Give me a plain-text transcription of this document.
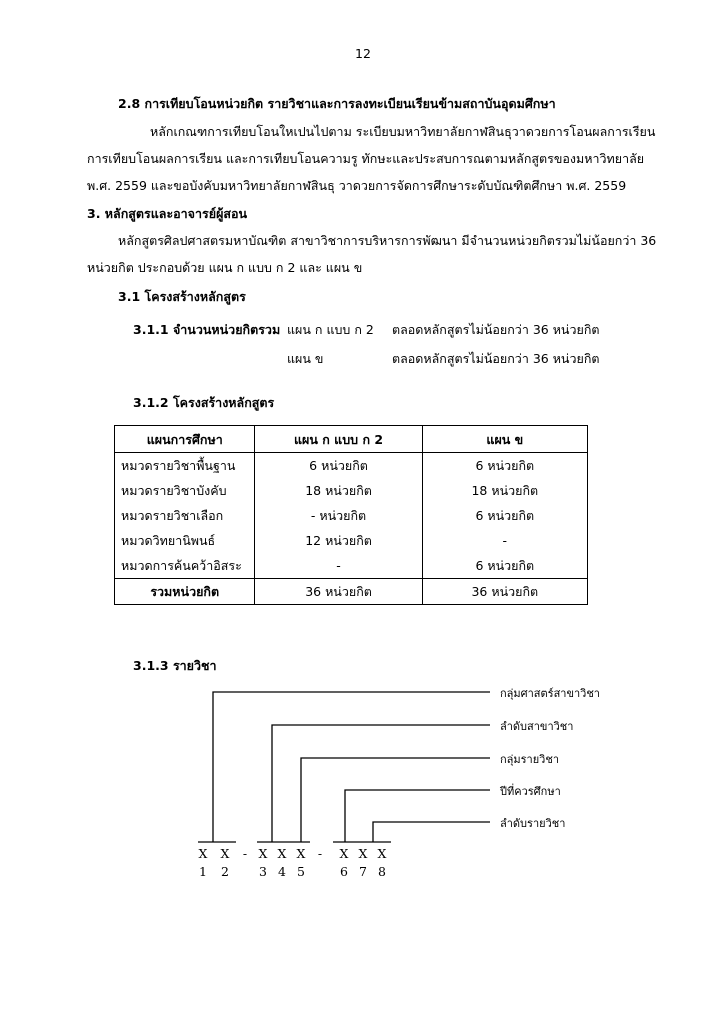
12
2.8 การเทียบโอนหน่วยกิต รายวิชาและการลงทะเบียนเรียนข้ามสถาบันอุดมศึกษา
หลักเกณฑการเทียบโอนใหเปนไปตาม ระเบียบมหาวิทยาลัยกาฬสินธุวาดวยการโอนผลการเรียน
การเทียบโอนผลการเรียน และการเทียบโอนความรู ทักษะและประสบการณตามหลักสูตรของมหาวิทยาลัย
พ.ศ. 2559 และขอบังคับมหาวิทยาลัยกาฬสินธุ วาดวยการจัดการศึกษาระดับบัณฑิตศึกษา พ.ศ. 2559
3. หลักสูตรและอาจารย์ผู้สอน
หลักสูตรศิลปศาสตรมหาบัณฑิต สาขาวิชาการบริหารการพัฒนา มีจำนวนหน่วยกิตรวมไม่น้อยกว่า 36
หน่วยกิต ประกอบด้วย แผน ก แบบ ก 2 และ แผน ข
3.1 โครงสร้างหลักสูตร
3.1.1 จำนวนหน่วยกิตรวม แผน ก แบบ ก 2 ตลอดหลักสูตรไม่น้อยกว่า 36 หน่วยกิต
แผน ข	ตลอดหลักสูตรไม่น้อยกว่า 36 หน่วยกิต
3.1.2 โครงสร้างหลักสูตร
แผนการศึกษา	แผน ก แบบ ก 2	แผน ข
หมวดรายวิชาพื้นฐาน	6 หน่วยกิต	6 หน่วยกิต
หมวดรายวิชาบังคับ	18 หน่วยกิต	18 หน่วยกิต
หมวดรายวิชาเลือก	- หน่วยกิต	6 หน่วยกิต
หมวดวิทยานิพนธ์	12 หน่วยกิต	-
หมวดการค้นคว้าอิสระ	-	6 หน่วยกิต
รวมหน่วยกิต	36 หน่วยกิต	36 หน่วยกิต
3.1.3 รายวิชา
กลุ่มศาสตร์สาขาวิชา
ลำดับสาขาวิชา
กลุ่มรายวิชา
ปีที่ควรศึกษา
ลำดับรายวิชา
X X	- X X X -	X X X
1 2 3 4 5	6 7 8
